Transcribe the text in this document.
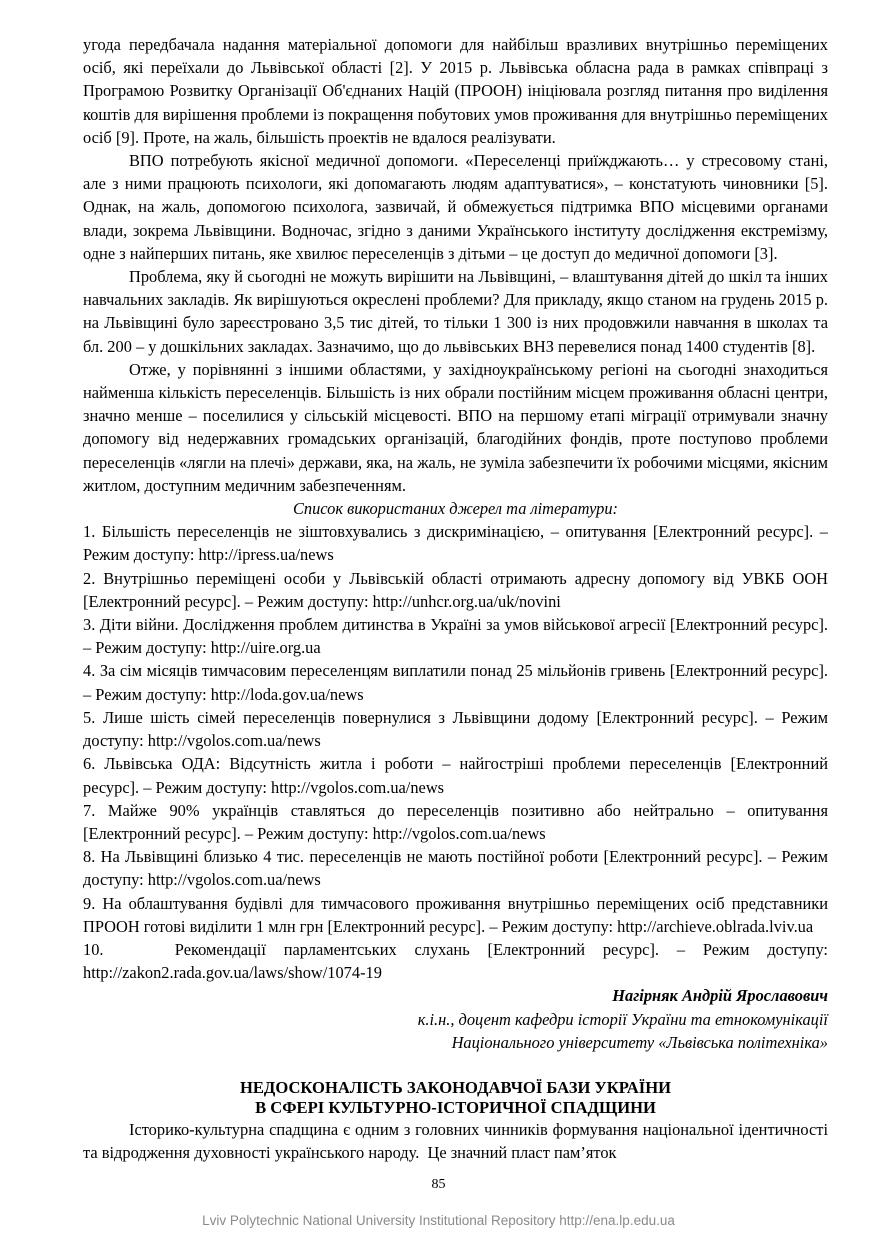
угода передбачала надання матеріальної допомоги для найбільш вразливих внутрішньо переміщених осіб, які переїхали до Львівської області [2]. У 2015 р. Львівська обласна рада в рамках співпраці з Програмою Розвитку Організації Об'єднаних Націй (ПРООН) ініціювала розгляд питання про виділення коштів для вирішення проблеми із покращення побутових умов проживання для внутрішньо переміщених осіб [9]. Проте, на жаль, більшість проектів не вдалося реалізувати.

ВПО потребують якісної медичної допомоги. «Переселенці приїжджають… у стресовому стані, але з ними працюють психологи, які допомагають людям адаптуватися», – констатують чиновники [5]. Однак, на жаль, допомогою психолога, зазвичай, й обмежується підтримка ВПО місцевими органами влади, зокрема Львівщини. Водночас, згідно з даними Українського інституту дослідження екстремізму, одне з найперших питань, яке хвилює переселенців з дітьми – це доступ до медичної допомоги [3].

Проблема, яку й сьогодні не можуть вирішити на Львівщині, – влаштування дітей до шкіл та інших навчальних закладів. Як вирішуються окреслені проблеми? Для прикладу, якщо станом на грудень 2015 р. на Львівщині було зареєстровано 3,5 тис дітей, то тільки 1 300 із них продовжили навчання в школах та бл. 200 – у дошкільних закладах. Зазначимо, що до львівських ВНЗ перевелися понад 1400 студентів [8].

Отже, у порівнянні з іншими областями, у західноукраїнському регіоні на сьогодні знаходиться найменша кількість переселенців. Більшість із них обрали постійним місцем проживання обласні центри, значно менше – поселилися у сільській місцевості. ВПО на першому етапі міграції отримували значну допомогу від недержавних громадських організацій, благодійних фондів, проте поступово проблеми переселенців «лягли на плечі» держави, яка, на жаль, не зуміла забезпечити їх робочими місцями, якісним житлом, доступним медичним забезпеченням.

Список використаних джерел та літератури:

1. Більшість переселенців не зіштовхувались з дискримінацією, – опитування [Електронний ресурс]. – Режим доступу: http://ipress.ua/news

2. Внутрішньо переміщені особи у Львівській області отримають адресну допомогу від УВКБ ООН [Електронний ресурс]. – Режим доступу: http://unhcr.org.ua/uk/novini

3. Діти війни. Дослідження проблем дитинства в Україні за умов військової агресії [Електронний ресурс]. – Режим доступу: http://uire.org.ua

4. За сім місяців тимчасовим переселенцям виплатили понад 25 мільйонів гривень [Електронний ресурс]. – Режим доступу: http://loda.gov.ua/news

5. Лише шість сімей переселенців повернулися з Львівщини додому [Електронний ресурс]. – Режим доступу: http://vgolos.com.ua/news

6. Львівська ОДА: Відсутність житла і роботи – найгостріші проблеми переселенців [Електронний ресурс]. – Режим доступу: http://vgolos.com.ua/news

7. Майже 90% українців ставляться до переселенців позитивно або нейтрально – опитування [Електронний ресурс]. – Режим доступу: http://vgolos.com.ua/news

8. На Львівщині близько 4 тис. переселенців не мають постійної роботи [Електронний ресурс]. – Режим доступу: http://vgolos.com.ua/news

9. На облаштування будівлі для тимчасового проживання внутрішньо переміщених осіб представники ПРООН готові виділити 1 млн грн [Електронний ресурс]. – Режим доступу: http://archieve.oblrada.lviv.ua

10.    Рекомендації парламентських слухань [Електронний ресурс]. – Режим доступу: http://zakon2.rada.gov.ua/laws/show/1074-19

Нагірняк Андрій Ярославович
к.і.н., доцент кафедри історії України та етнокомунікації
Національного університету «Львівська політехніка»
НЕДОСКОНАЛІСТЬ ЗАКОНОДАВЧОЇ БАЗИ УКРАЇНИ
В СФЕРІ КУЛЬТУРНО-ІСТОРИЧНОЇ СПАДЩИНИ

Історико-культурна спадщина є одним з головних чинників формування національної ідентичності та відродження духовності українського народу.  Це значний пласт пам’яток

85
Lviv Polytechnic National University Institutional Repository http://ena.lp.edu.ua
